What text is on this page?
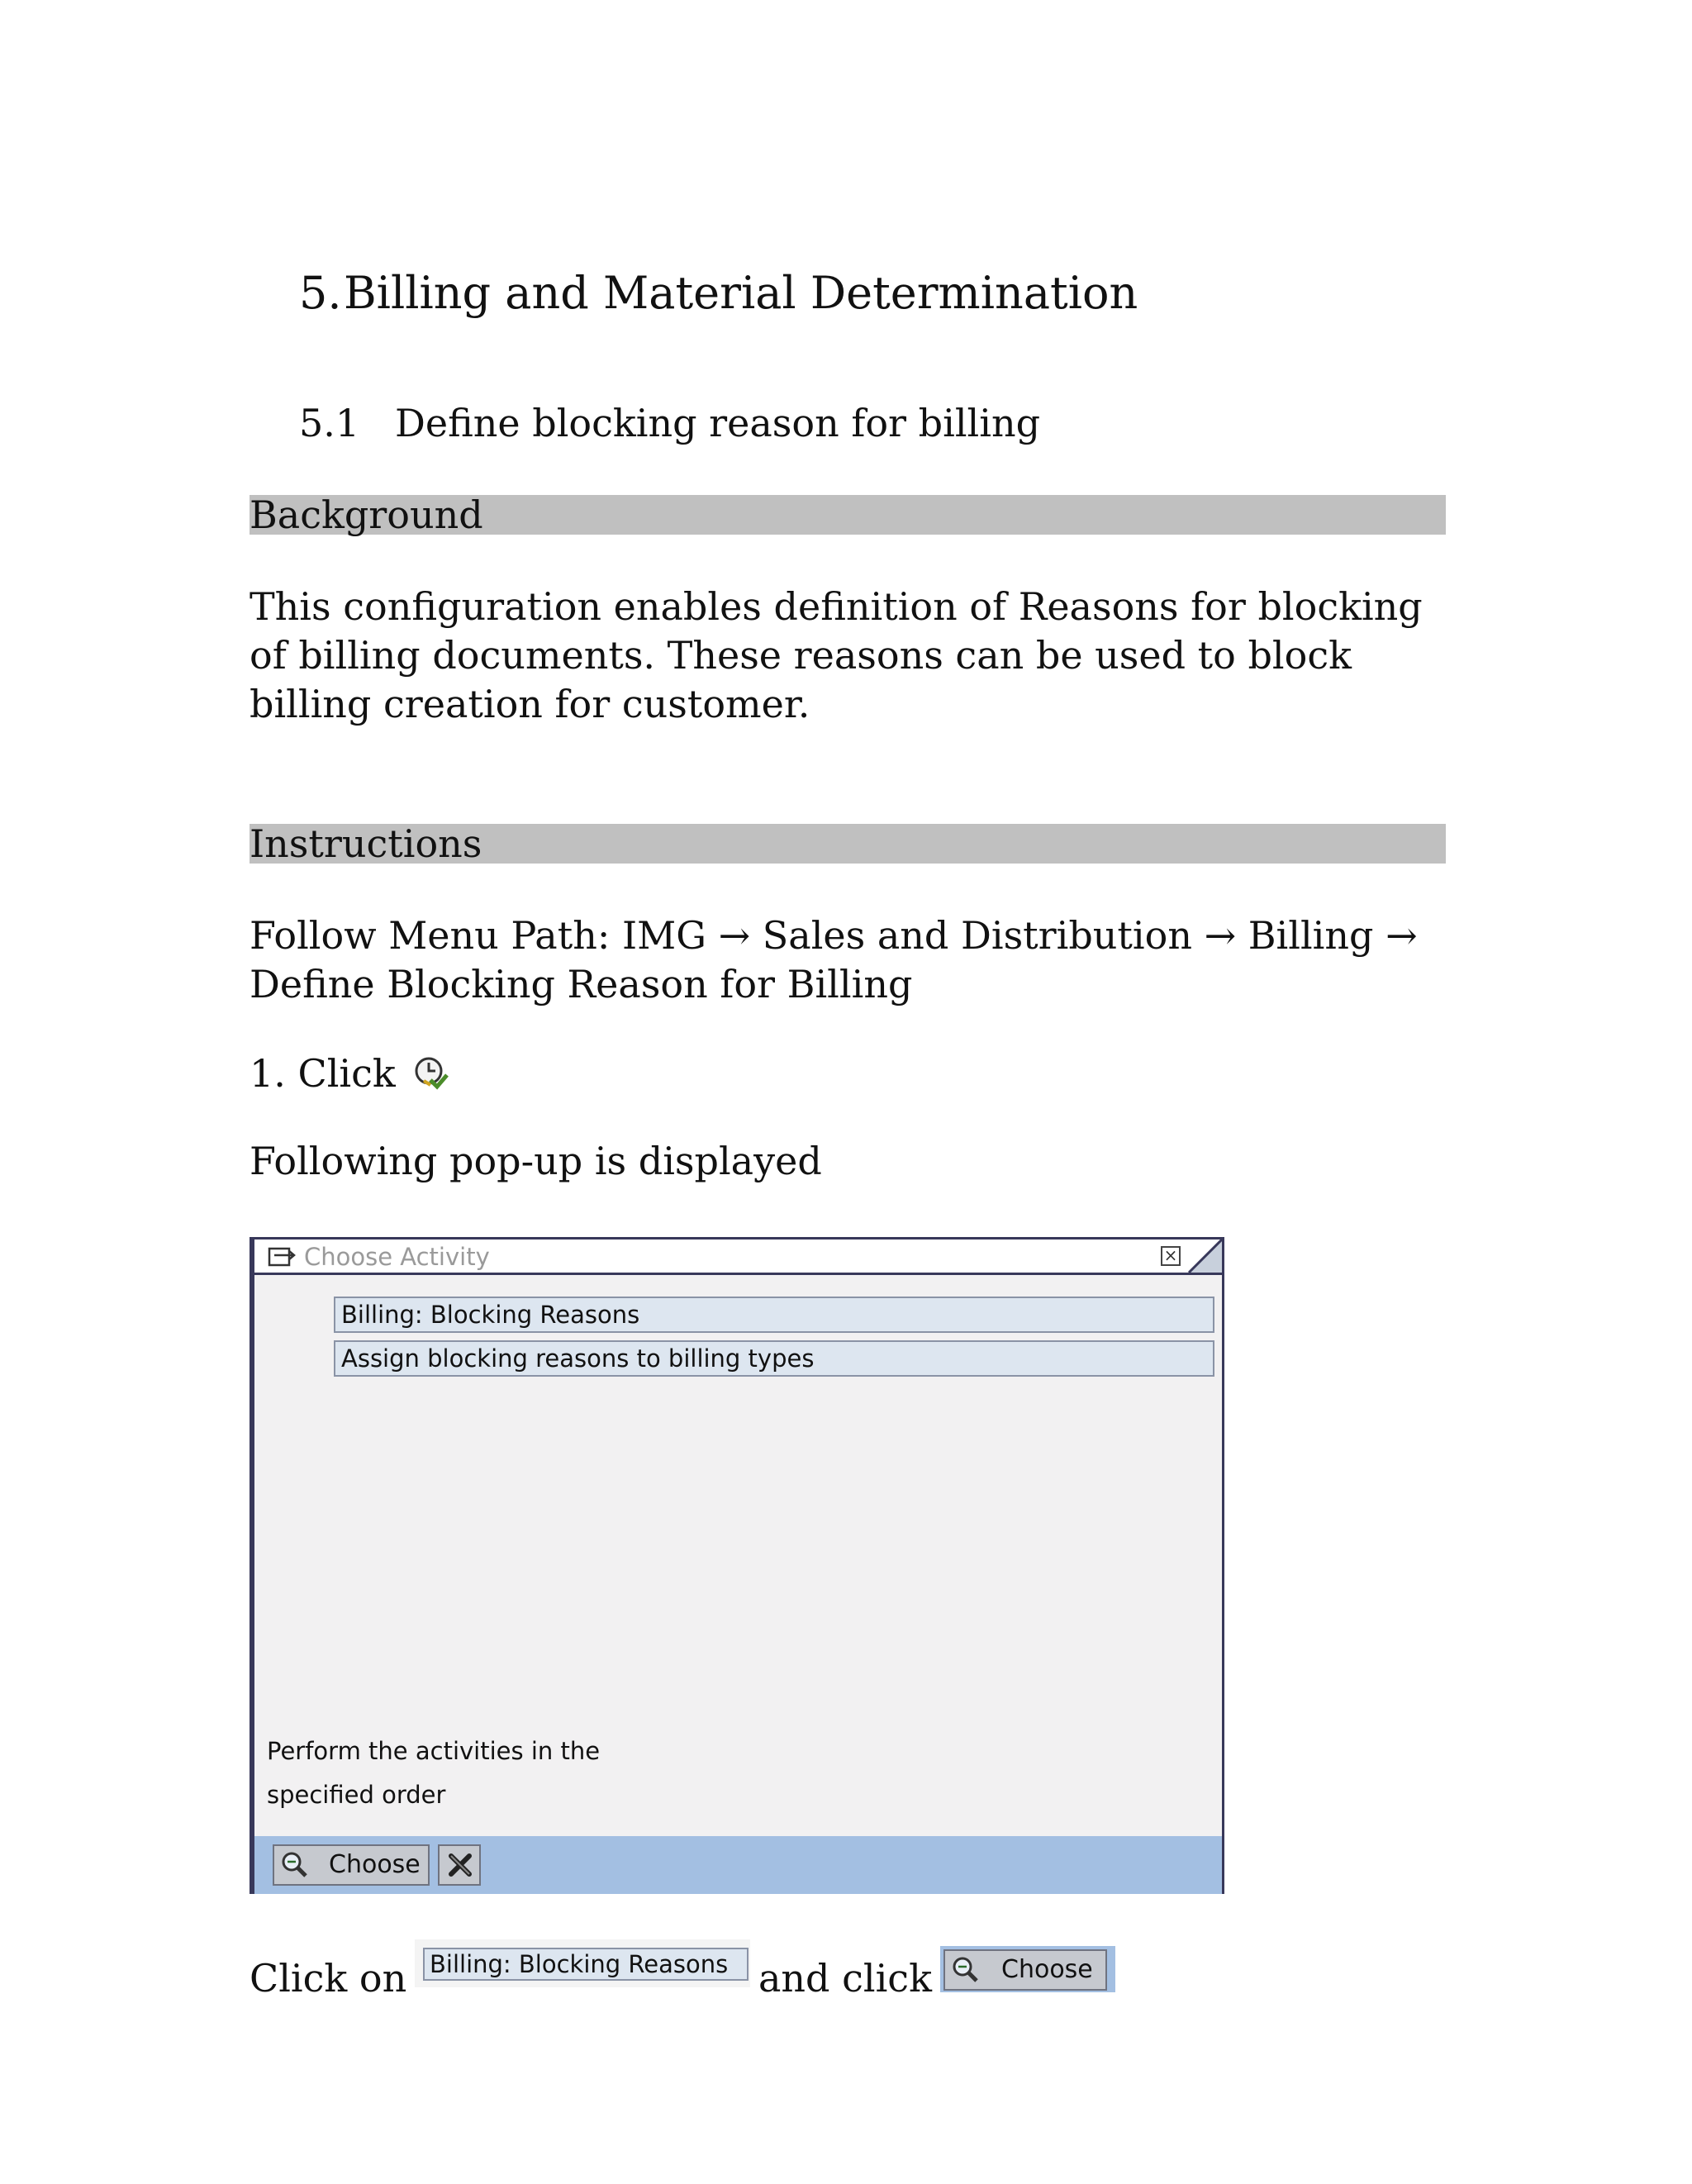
5.Billing and Material Determination
5.1 Define blocking reason for billing
Background
This configuration enables definition of Reasons for blocking of billing documents. These reasons can be used to block billing creation for customer.
Instructions
Follow Menu Path: IMG → Sales and Distribution → Billing →
Define Blocking Reason for Billing
1. Click
Following pop-up is displayed
Choose Activity	×
Billing: Blocking Reasons
Assign blocking reasons to billing types
Perform the activities in the
specified order
Choose
Click on Billing: Blocking Reasons and click	Choose
